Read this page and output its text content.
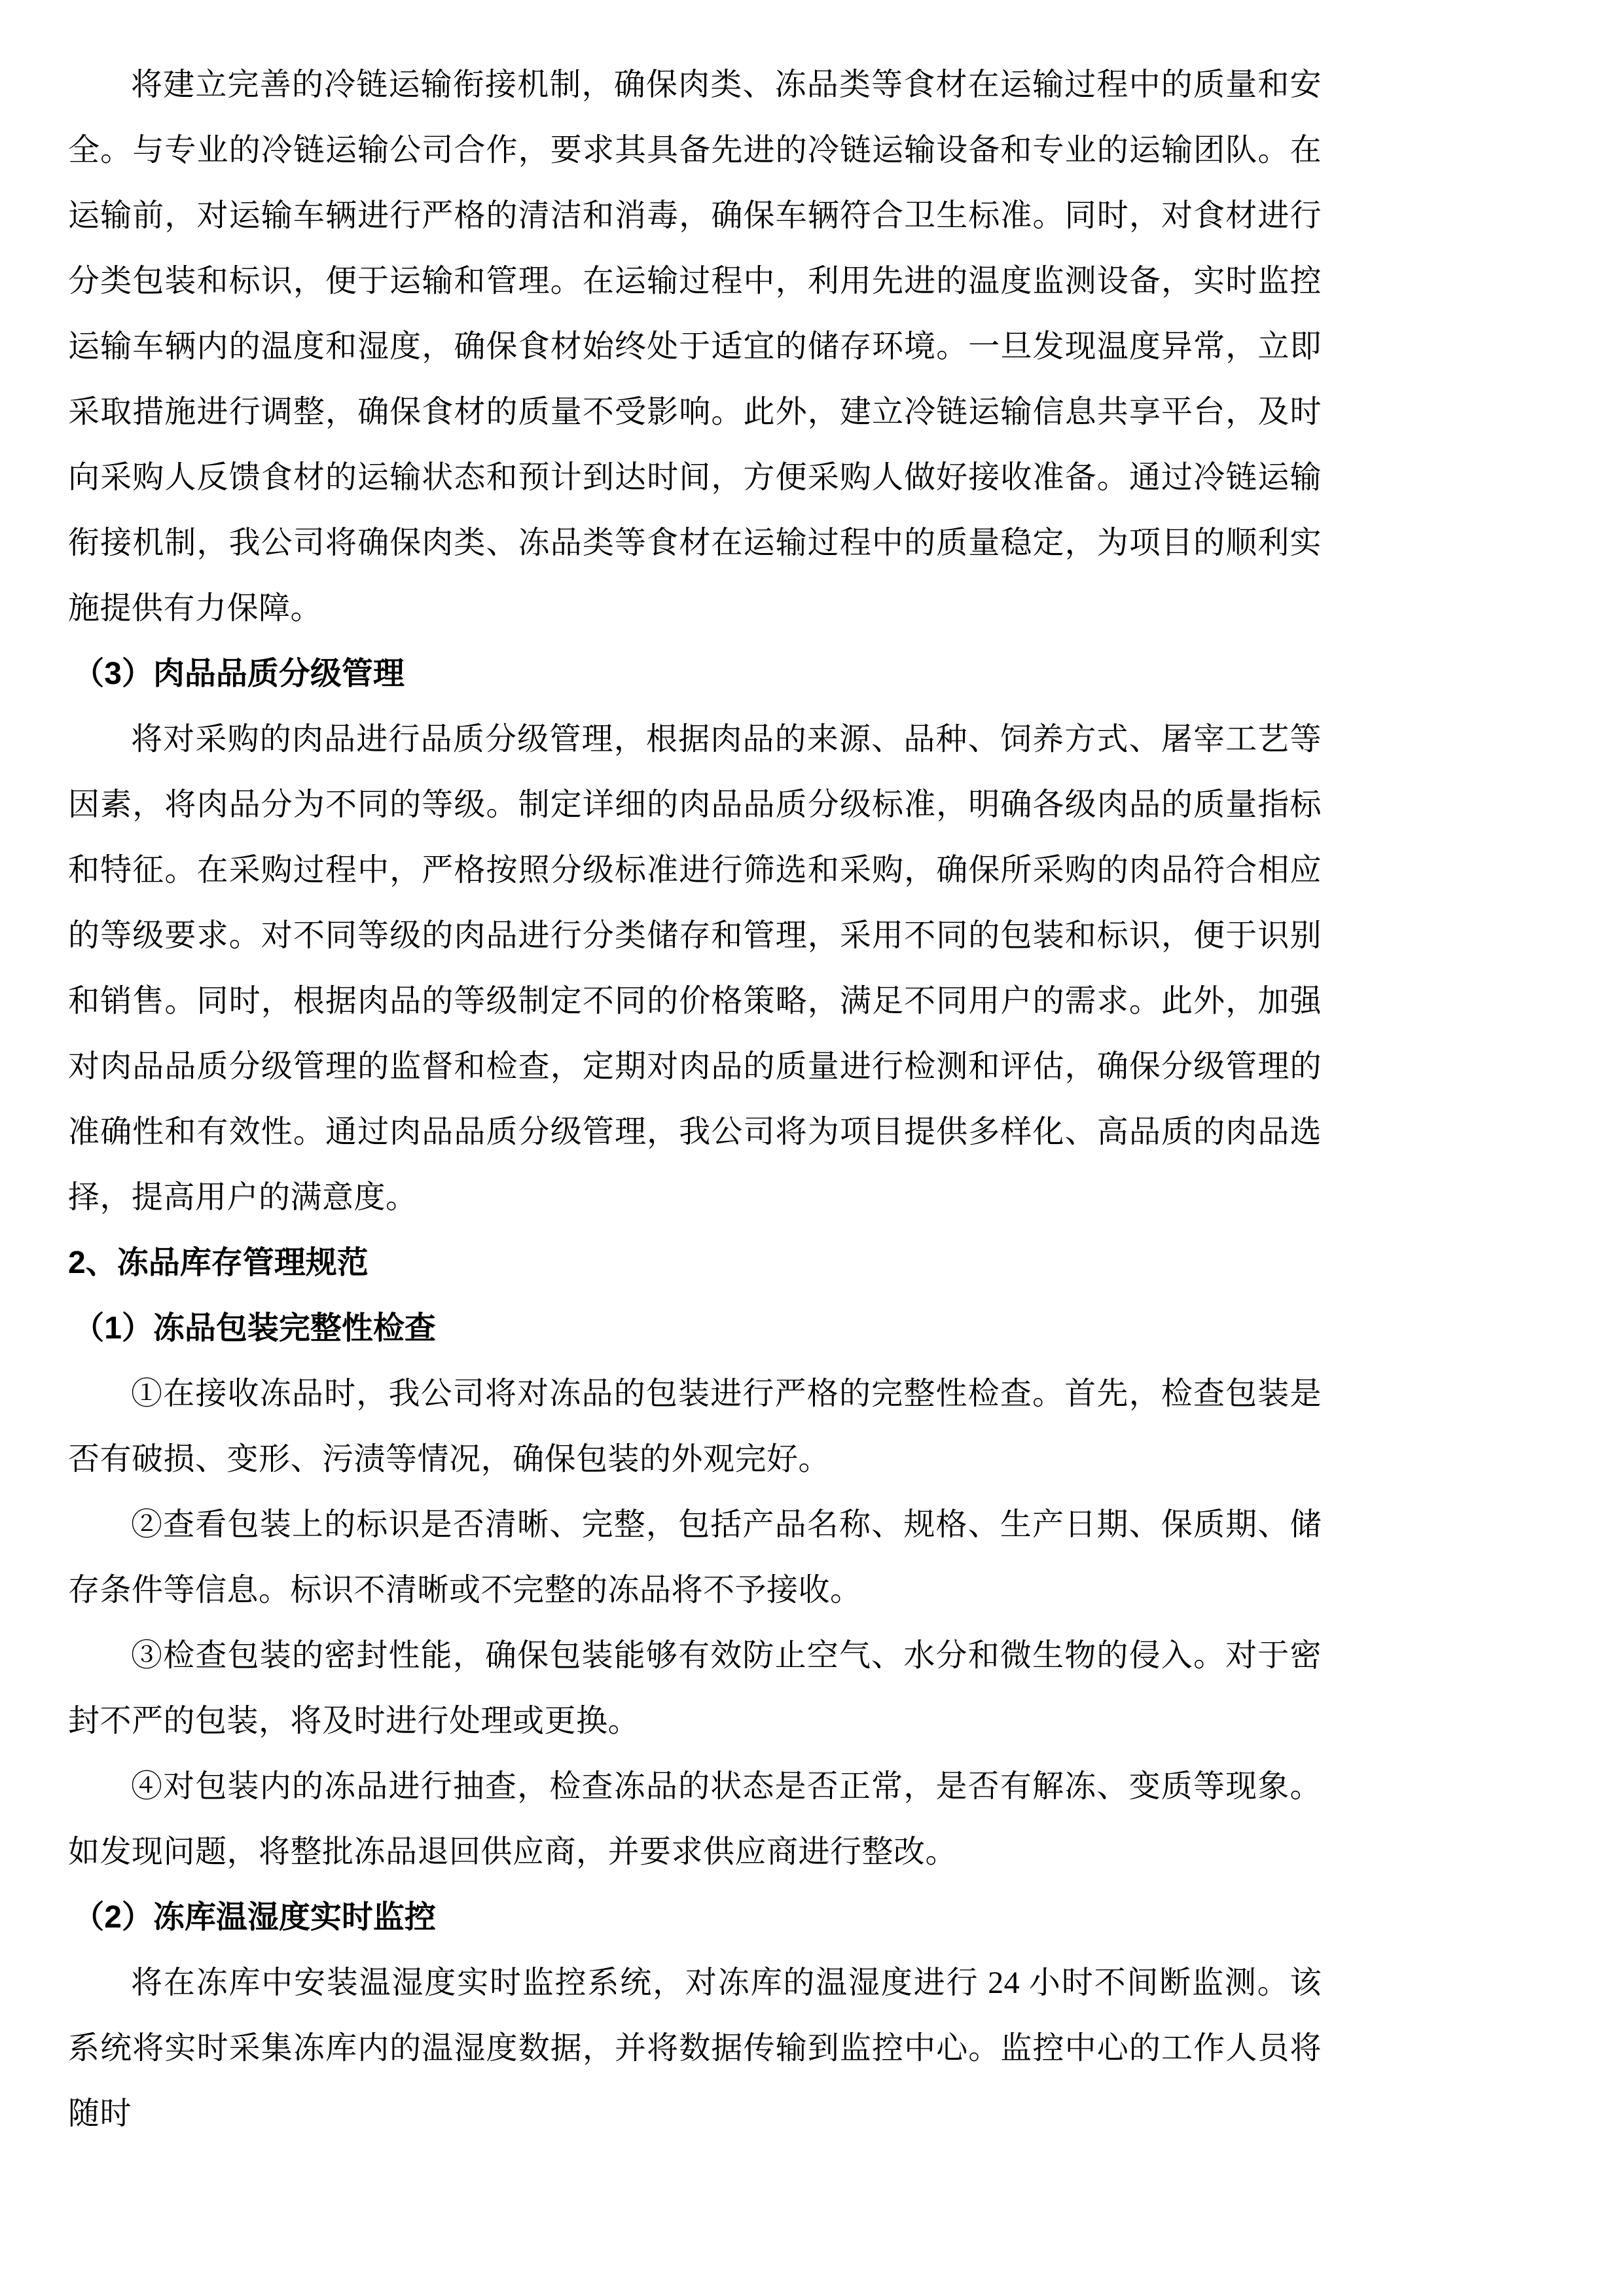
将建立完善的冷链运输衔接机制，确保肉类、冻品类等食材在运输过程中的质量和安全。与专业的冷链运输公司合作，要求其具备先进的冷链运输设备和专业的运输团队。在运输前，对运输车辆进行严格的清洁和消毒，确保车辆符合卫生标准。同时，对食材进行分类包装和标识，便于运输和管理。在运输过程中，利用先进的温度监测设备，实时监控运输车辆内的温度和湿度，确保食材始终处于适宜的储存环境。一旦发现温度异常，立即采取措施进行调整，确保食材的质量不受影响。此外，建立冷链运输信息共享平台，及时向采购人反馈食材的运输状态和预计到达时间，方便采购人做好接收准备。通过冷链运输衔接机制，我公司将确保肉类、冻品类等食材在运输过程中的质量稳定，为项目的顺利实施提供有力保障。

（3）肉品品质分级管理

将对采购的肉品进行品质分级管理，根据肉品的来源、品种、饲养方式、屠宰工艺等因素，将肉品分为不同的等级。制定详细的肉品品质分级标准，明确各级肉品的质量指标和特征。在采购过程中，严格按照分级标准进行筛选和采购，确保所采购的肉品符合相应的等级要求。对不同等级的肉品进行分类储存和管理，采用不同的包装和标识，便于识别和销售。同时，根据肉品的等级制定不同的价格策略，满足不同用户的需求。此外，加强对肉品品质分级管理的监督和检查，定期对肉品的质量进行检测和评估，确保分级管理的准确性和有效性。通过肉品品质分级管理，我公司将为项目提供多样化、高品质的肉品选择，提高用户的满意度。

2、冻品库存管理规范
（1）冻品包装完整性检查

①在接收冻品时，我公司将对冻品的包装进行严格的完整性检查。首先，检查包装是否有破损、变形、污渍等情况，确保包装的外观完好。

②查看包装上的标识是否清晰、完整，包括产品名称、规格、生产日期、保质期、储存条件等信息。标识不清晰或不完整的冻品将不予接收。

③检查包装的密封性能，确保包装能够有效防止空气、水分和微生物的侵入。对于密封不严的包装，将及时进行处理或更换。

④对包装内的冻品进行抽查，检查冻品的状态是否正常，是否有解冻、变质等现象。如发现问题，将整批冻品退回供应商，并要求供应商进行整改。

（2）冻库温湿度实时监控

将在冻库中安装温湿度实时监控系统，对冻库的温湿度进行 24 小时不间断监测。该系统将实时采集冻库内的温湿度数据，并将数据传输到监控中心。监控中心的工作人员将随时
